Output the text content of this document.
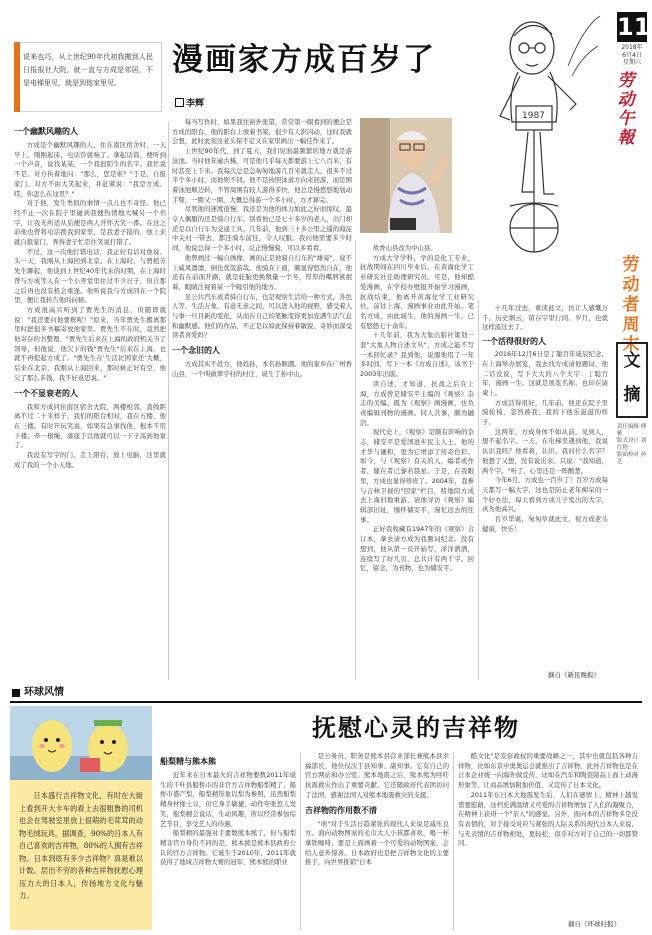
说来也巧，从上世纪90年代初我搬到人民日报报社大院，就一直与方成是邻居，不是电梯里见，就是到他家里见。
漫画家方成百岁了
李辉
11
2018年
6月4日
星期六
劳
动
午
報
劳
动
者
周
末
文
摘
责任编辑 傅雅
版式设计 刘红艳
版面校对 孙艺
1987
一个幽默风趣的人

方成是个幽默风趣的人，住在南区宿舍时，一天早上，刚刚起床，电话铃就响了。拿起话筒，便听到一个声音，说找某某，一个我很陌生的名字。我忙说不是。对方执着地问："那么，您是谁？"于是，自报家门。对方不由大笑起来，并赶紧说："我是方成。哎，你怎么在这里？"

对于他，发生类似的事情一点儿也不奇怪。他已经不止一次在院子里碰到我便热情地大喊另一个名字，让我无所适从后便是两人开怀大笑一番。在这之前他也曾将电话拨我到家里，是我妻子接的，他上来就自报家门，弄得妻子忙忍住笑说打错了。

不过，这一次他打错电话，我正好有话对他说。头一天，我刚从上海回到北京。在上海时，与贾植芳先生聊起，他谈到上世纪40年代末的时期，在上海时曾与方成等人在一个小弄堂里住过不少日子，但自那之后再也没有机会重逢。他听说我与方成同在一个院里，便让我转告他的问候。

方成很高兴听到了贾先生的消息，但随即就说："我还要问他要账呢！"原来，当年贾先生搬离那里时把很多书稿寄放他家里。贾先生不在时，竟然把他寄存的书整理。"贾先生后来在上海的政府机关当了领导，但他说，他欠下的钱"贾先生"后来在上海，也就不再提起方成了。"贾先生在'生活比国家还'大概，后来在北京，我刚从上海回来，那时候正好有空，他欠了那么多钱，我不好意思说。"

一个不显衰老的人

我和方成同住南区宿舍大院，两楼相邻，直线距离不过二十米样子，我们的阳台相对，我在五楼，他在三楼。有时开玩笑说，如果有急事找他，根本不用下楼，牵一根绳，落座于以他就可以一下子荡到他家了。

我没有写字的门，走上阳台，放上电脑，这里就成了我的一个小天地。

每当写作时，如果我往窗外张望，常常第一眼看到的便会是方成的阳台。他的阳台上放着书架，很少有人影闪动，这时我就会想，此时此刻这老头保不定又在家里画出一幅佳作来了。

上世纪90年代，到了夏天，我们见面最频繁的地方就是游泳池。当时他年逾古稀，可是他几乎每天都要游上七八百米，有时甚至上千米。我每次总是急匆匆地游几百米就走人，很多不过半个多小时，而他则不同。他不是按照泳道方向来回游，而是围着泳池顺边转，不管周围有较人游得多快，他总是慢悠悠地划动手臂，一圈又一圈，大概总得游一个多小时，方才算完。

尽管他的速度很慢，我还是为他的体力如此之好而惊叹。最令人佩服的还是骑自行车。别看他已是七十多岁的老人，出门却还是以自行车为交通工具。几年前，他到三十多公里之遥的海淀中关村一带去，都还骑车前往，令人叹服。我问他需要多少时间，他说总得一个多小时，反正慢慢骑，可以多看看。

他曾画过一幅自画像，画的正是他骑自行车的"雄姿"，说不上威风凛凛，倒也优哉游哉。他骑在上面，颇显得悠然自在，他还有在前面开路，就是轮胎更换数量一个冬，厚厚的嘴唇紧抿着，眼睛注视着某一个吸引他的地方。

虽公共汽车成者骑自行车，也是观察生活的一种方式。各色人等，生活万象，有意无意之间，可以进入他的视野，感受着人与事一旦目新的变化，从而在自己的笔触变得更加充满生活气息和幽默感。他们的作品，不正是以如此保持着敏锐、奇妙而深受读者喜爱吗？

一个念旧的人

方成其实不姓方，他姓孙，本名孙顺潮。他的家乡在广州香山县，一个叫做翠亨村的村庄，诞生了孙中山。

故香山县改为中山县。

方成大学学科，学的是化工专业，抗战期间在四川毕业后，在黄海化学工业研究社任助理研究员。可是，他却酷爱漫画，在学校办壁报开始学习漫画，抗战结束，他离开黄海化学工业研究社，前往上海，漫画事业由此开始。笔名方成，由此诞生，他的漫画一生，已有悠悠七十余年。

十几年前，我为大象出版社策划一套"大象人物自述文丛"，方成之能不写一本回忆录？我到他，说服他用了一年多时间，写下一本《方成自述》，该书于2003年出版。

读自述，才知道，抗战之后在上海，方成曾是储安平主编的《观察》杂志的美编。既为《观察》画漫画，也负责编辑刊物的漫画。同人共事，颇为融洽。

现代史上，《观察》是颇有影响的杂志，储安平是爱国进步民主人士，他的才华与谦和，更为它增添了传奇色彩。如今，与《观察》有关的人，编者或作者，健在者已寥若晨星。于是，在我眼里，方成也显得珍贵了。2004年，我参与吉林卫视的"回家"栏目，特地陪方成去上海旧地重游，请他寻访《观察》编辑部旧址，缅怀储安平，漫忆远去的往事。

正好我收藏有1947年的《观察》合订本，拿去请方成为我题词纪念。没有想到，他从第一页开始写，洋洋洒洒，连续写了好几页，总共计有两千字。回忆，留念，为刊物，也为储安平。

十几年过去，重读此文，仍让人感慨万千。历史烟云，留存字里行间。岁月，也就这样流过去了。

一个活得很好的人

2016年12月6日是丁聪百年诞辰纪念，在上海举办展览，我去找方成请他题词，他二话没说，写下大大的八个大字：丁聪百年，漫画一生。这就是展览名称，也印在请柬上。

方成活得很好，几年前，他还在院子里骑轮椅，忽然被我，我的下他乐滋滋的样子。

这两年，方成身体不如从前，见到人，想不起名字。一天，在电梯里遇到他，我说认识我吗？他看着，认识。我问什么名字？他想了又想，没有说出来。只说："我知道，两个字。"听了，心里还是一阵酸楚。

今年6月，方成也一百岁了！百岁方成每天都写一幅大字，这也是防止老年痴呆的一个好办法，每天看到方成儿子发出的大字，真为他高兴。

百岁华诞，匆匆草就此文，祝方成老头健康，快乐！

摘自《新民晚报》
环球风情

日本盛行吉祥物文化，有时在大街上看到开大卡车的看上去很粗鲁的司机也会在驾驶室里放上很萌的毛茸茸的动物毛绒玩具。据调查，90%的日本人有自己喜欢的吉祥物，80%的人拥有吉祥物。日本到底有多少吉祥物？真是难以计数。层出不穷的各种吉祥物抚慰心理压力大的日本人，传扬地方文化与魅力。

抚慰心灵的吉祥物
船梨精与熊本熊

近年来在日本最火的吉祥物要数2011年诞生的千叶县船桥市的非官方吉祥物船梨精了，船桥市盛产梨，船梨精形象以梨为参照，虽然船梨精身材像土豆，但它身手敏捷，动作夸张惹人发笑，船梨精会说话，生动风趣，所以经常参加综艺节目，享受艺人的待遇。

船梨精的最强对手要数熊本熊了，但与船梨精非官方身份不同的是，熊本熊是熊本县政府公认的官方吉祥物。它诞生于2010年，2011年就获得了地域吉祥物大赛的冠军，熊本熊的职业

是公务员，职务是熊本县营业部长兼熊本县幸福部长，他位仅次于县知事、副知事。它有自己的官方网站和办公室。熊本地震之后，熊本熊为呼吁抗震救灾作出了重要贡献，它还随政府代表团访问了法国，感谢法国人对熊本地震救灾的支援。

吉祥物的作用数不清

"萌"对于生活日趋紧张的现代人来说是减压良方。面向动物图案的毛巾大人小孩都喜欢，喝一杯拿铁咖啡，要是上面画着一个可爱的动物图案，会给人意外惊喜。日本政府也是把吉祥物文化的主要推手，向世界推销"日本

酷文化"是安倍政权的重要战略之一，其中也就包括各种吉祥物，比如东京申奥奥运会就推出了吉祥物，此外吉祥物也是在日本企业统一向海外做宣传，比如在汽车和陶瓷制品上面上动漫形象等，让商品增加附加价值，又宣传了日本文化。

2011年东日本大地震发生后，人们在感情上、精神上越发需要慰藉，这档充满温情又可爱的吉祥物增加了人们的凝聚力，在精神上获得一个"亲人"的感觉。另外，面向本的吉祥物多是没有表情的，对于接受对应与紧张的人际关系的现代日本人来说，与无表情的吉祥物相处，更轻松，似乎对方对于自己的一切都赞同。

摘自《环球时报》
